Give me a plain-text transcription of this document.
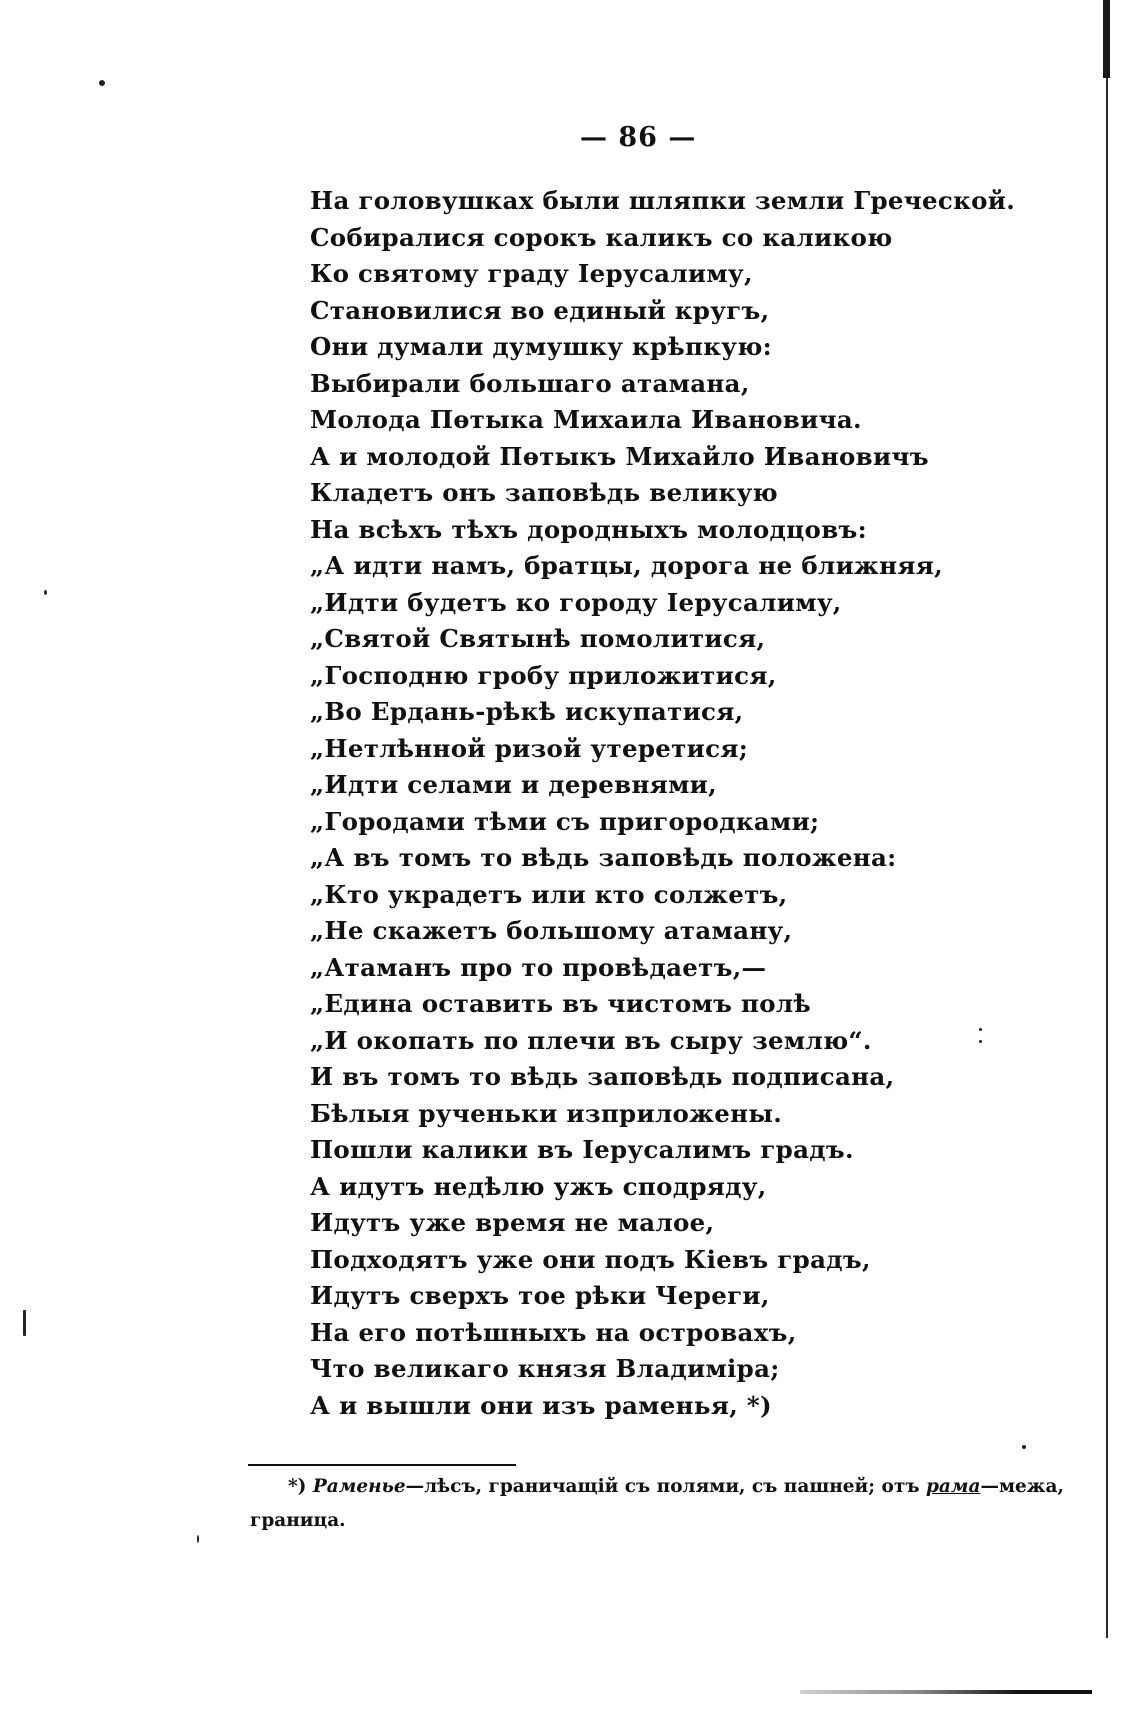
— 86 —
На головушках были шляпки земли Греческой.
Собиралися сорокъ каликъ со каликою
Ко святому граду Іерусалиму,
Становилися во единый кругъ,
Они думали думушку крѣпкую:
Выбирали большаго атамана,
Молода Пѳтыка Михаила Ивановича.
А и молодой Пѳтыкъ Михайло Ивановичъ
Кладетъ онъ заповѣдь великую
На всѣхъ тѣхъ дородныхъ молодцовъ:
„А идти намъ, братцы, дорога не ближняя,
„Идти будетъ ко городу Іерусалиму,
„Святой Святынѣ помолитися,
„Господню гробу приложитися,
„Во Ердань-рѣкѣ искупатися,
„Нетлѣнной ризой утеретися;
„Идти селами и деревнями,
„Городами тѣми съ пригородками;
„А въ томъ то вѣдь заповѣдь положена:
„Кто украдетъ или кто солжетъ,
„Не скажетъ большому атаману,
„Атаманъ про то провѣдаетъ,—
„Едина оставить въ чистомъ полѣ
„И окопать по плечи въ сыру землю“.
И въ томъ то вѣдь заповѣдь подписана,
Бѣлыя рученьки изприложены.
Пошли калики въ Іерусалимъ градъ.
А идутъ недѣлю ужъ сподряду,
Идутъ уже время не малое,
Подходятъ уже они подъ Кіевъ градъ,
Идутъ сверхъ тое рѣки Череги,
На его потѣшныхъ на островахъ,
Что великаго князя Владиміра;
А и вышли они изъ раменья, *)
*) Раменье—лѣсъ, граничащій съ полями, съ пашней; отъ рама—межа, граница.
